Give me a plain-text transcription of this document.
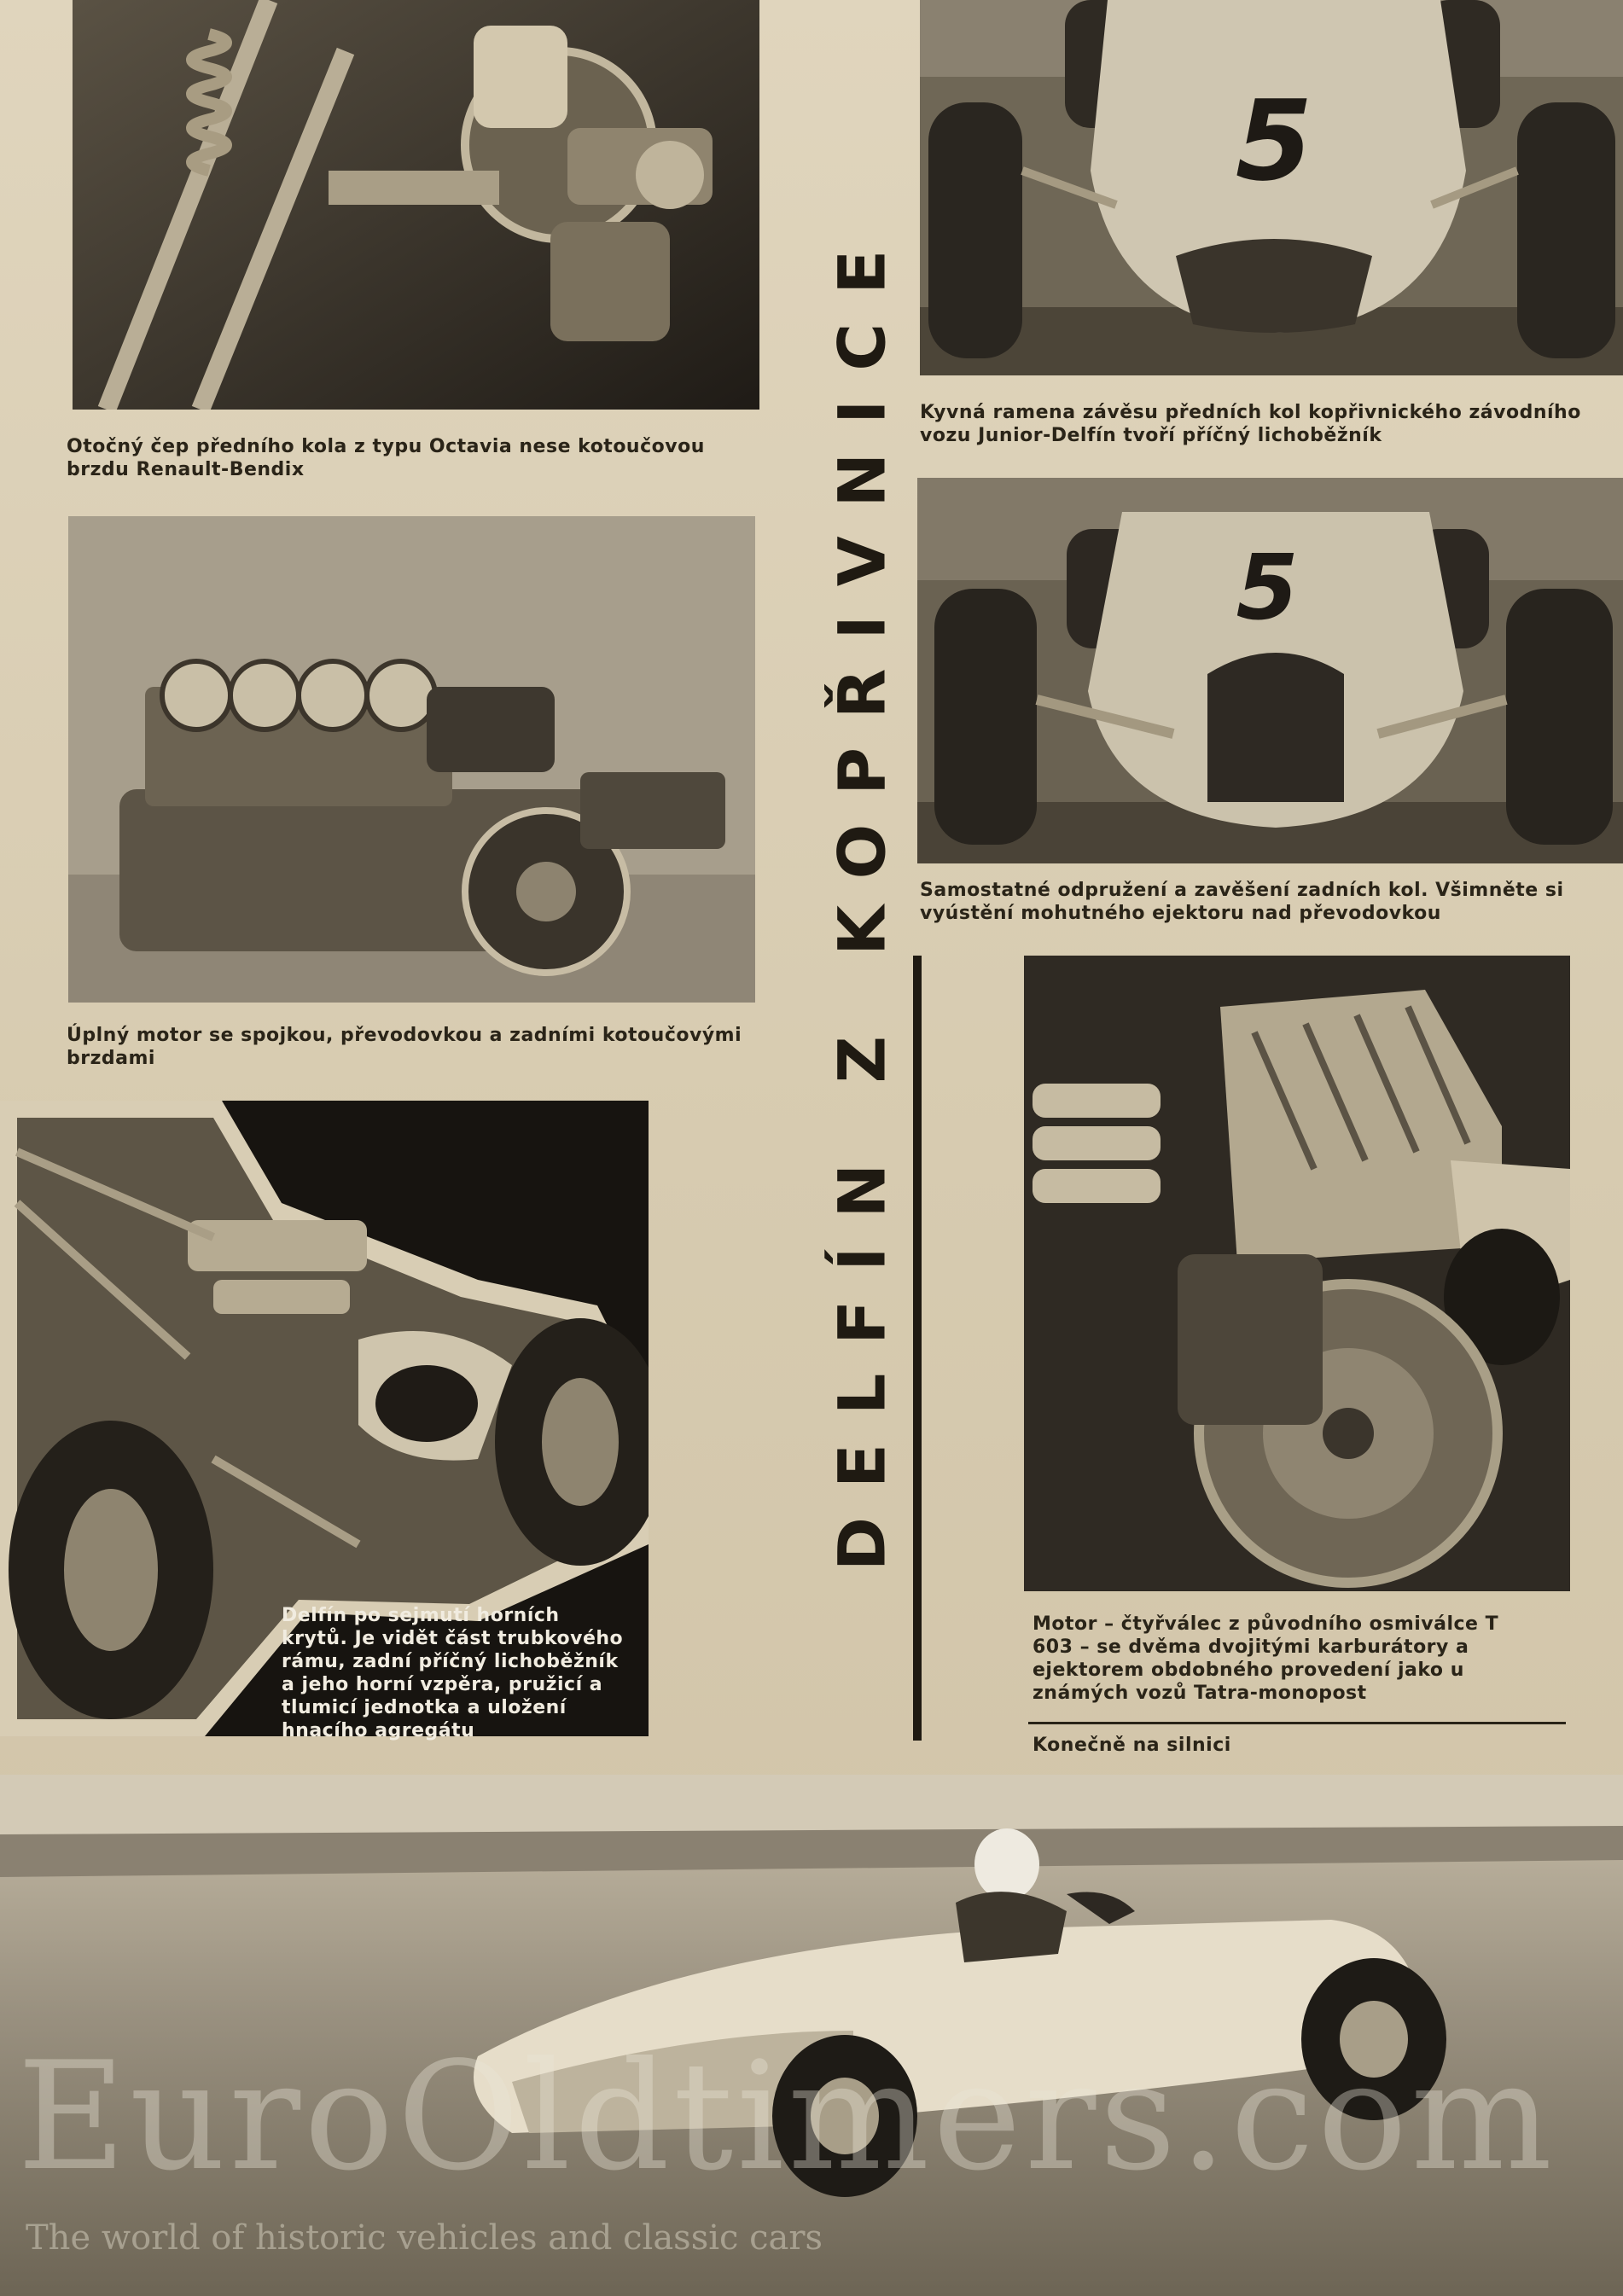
Otočný čep předního kola z typu Octavia nese kotoučovou brzdu Renault-Bendix
5
Kyvná ramena závěsu předních kol kopřivnického závodního vozu Junior-Delfín tvoří příčný lichoběžník
Úplný motor se spojkou, převodovkou a zadními kotoučovými brzdami
5
Samostatné odpružení a zavěšení zadních kol. Všimněte si vyústění mohutného ejektoru nad převodovkou
Delfín po sejmutí horních krytů. Je vidět část trubkového rámu, zadní příčný lichoběžník a jeho horní vzpěra, pružicí a tlumicí jednotka a uložení hnacího agregátu
Motor – čtyřválec z původního osmiválce T 603 – se dvěma dvojitými karburátory a ejektorem obdobného provedení jako u známých vozů Tatra-monopost
Konečně na silnici
DELFÍN Z KOPŘIVNICE
EuroOldtimers.com
The world of historic vehicles and classic cars
